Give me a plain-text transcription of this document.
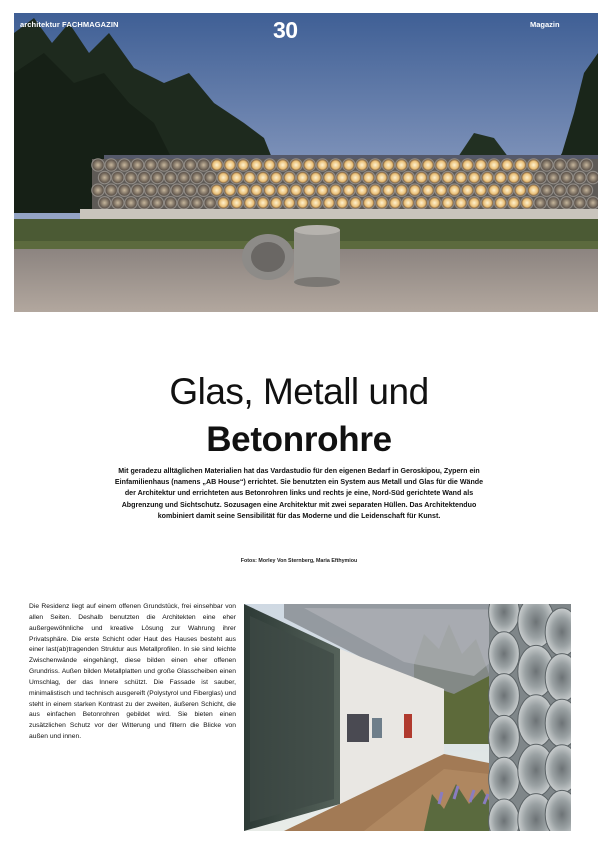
architektur FACHMAGAZIN	30	Magazin
Glas, Metall und
Betonrohre
Mit geradezu alltäglichen Materialien hat das Vardastudio für den eigenen Bedarf in Geroskipou, Zypern ein Einfamilienhaus (namens „AB House“) errichtet. Sie benutzten ein System aus Metall und Glas für die Wände der Architektur und errichteten aus Betonrohren links und rechts je eine, Nord-Süd gerichtete Wand als Abgrenzung und Sichtschutz. Sozusagen eine Architektur mit zwei separaten Hüllen. Das Architektenduo kombiniert damit seine Sensibilität für das Moderne und die Leidenschaft für Kunst.
Fotos: Morley Von Sternberg, Maria Efthymiou
Die Residenz liegt auf einem offenen Grundstück, frei einsehbar von allen Seiten. Deshalb benutzten die Architekten eine eher außergewöhnliche und kreative Lösung zur Wahrung ihrer Privatsphäre. Die erste Schicht oder Haut des Hauses besteht aus einer last(ab)tragenden Struktur aus Metallprofilen. In sie sind leichte Zwischenwände eingehängt, diese bilden einen eher offenen Grundriss. Außen bilden Metallplatten und große Glasscheiben einen Umschlag, der das Innere schützt. Die Fassade ist sauber, minimalistisch und technisch ausgereift (Polystyrol und Fiberglas) und steht in einem starken Kontrast zu der zweiten, äußeren Schicht, die aus einfachen Betonrohren gebildet wird. Sie bieten einen zusätzlichen Schutz vor der Witterung und filtern die Blicke von außen und innen.
